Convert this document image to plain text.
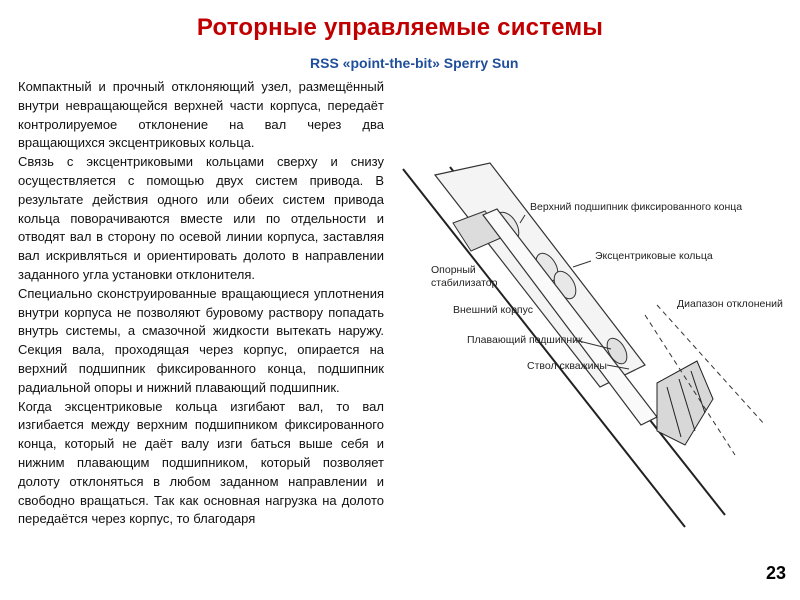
Роторные управляемые системы
RSS «point-the-bit» Sperry Sun

Компактный и прочный отклоняющий узел, размещённый внутри невращающейся верхней части корпуса, передаёт контролируемое отклонение на вал через два вращающихся эксцентриковых кольца.

Связь с эксцентриковыми кольцами сверху и снизу осуществляется с помощью двух систем привода. В результате действия одного или обеих систем привода кольца поворачиваются вместе или по отдельности и отводят вал в сторону по осевой линии корпуса, заставляя вал искривляться и ориентировать долото в направлении заданного угла установки отклонителя.

Специально сконструированные вращающиеся уплотнения внутри корпуса не позволяют буровому раствору попадать внутрь системы, а смазочной жидкости вытекать наружу. Секция вала, проходящая через корпус, опирается на верхний подшипник фиксированного конца, подшипник радиальной опоры и нижний плавающий подшипник.

Когда эксцентриковые кольца изгибают вал, то вал изгибается между верхним подшипником фиксированного конца, который не даёт валу изги баться выше себя и нижним плавающим подшипником, который позволяет долоту отклоняться в любом заданном направлении и свободно вращаться. Так как основная нагрузка на долото передаётся через корпус, то благодаря

Верхний подшипник фиксированного конца
Эксцентриковые кольца
Опорный
стабилизатор
Внешний корпус	Диапазон отклонений
Плавающий подшипник
Ствол скважины
23
